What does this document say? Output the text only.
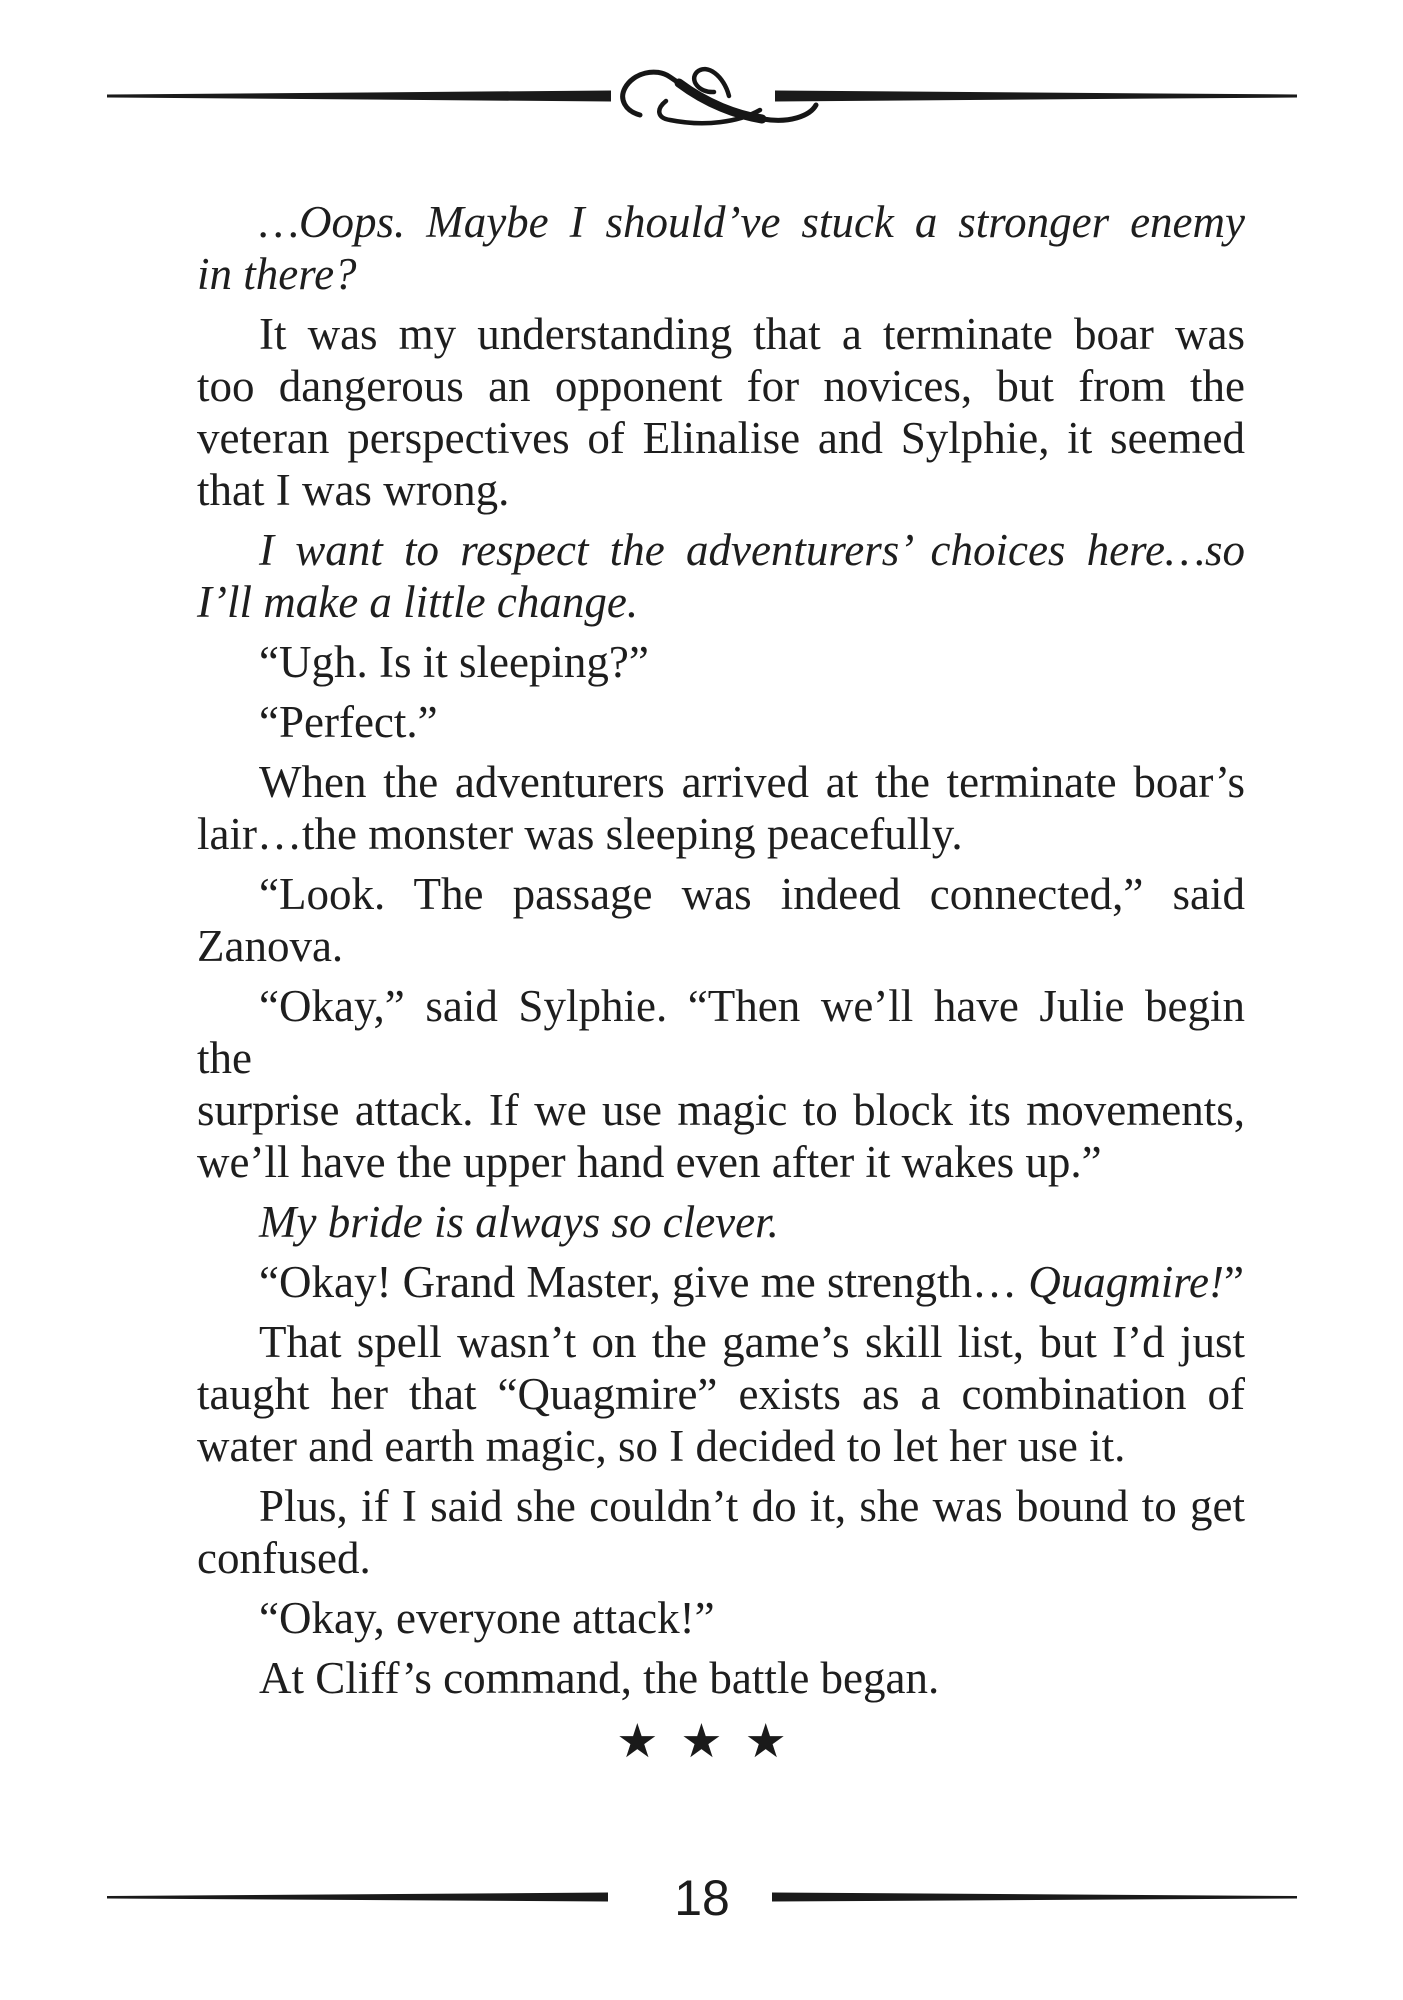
…Oops. Maybe I should’ve stuck a stronger enemy
in there?

It was my understanding that a terminate boar was
too dangerous an opponent for novices, but from the
veteran perspectives of Elinalise and Sylphie, it seemed
that I was wrong.

I want to respect the adventurers’ choices here…so
I’ll make a little change.

“Ugh. Is it sleeping?”

“Perfect.”

When the adventurers arrived at the terminate boar’s
lair…the monster was sleeping peacefully.

“Look. The passage was indeed connected,” said
Zanova.

“Okay,” said Sylphie. “Then we’ll have Julie begin the
surprise attack. If we use magic to block its movements,
we’ll have the upper hand even after it wakes up.”

My bride is always so clever.

“Okay! Grand Master, give me strength… Quagmire!”

That spell wasn’t on the game’s skill list, but I’d just
taught her that “Quagmire” exists as a combination of
water and earth magic, so I decided to let her use it.

Plus, if I said she couldn’t do it, she was bound to get
confused.

“Okay, everyone attack!”

At Cliff’s command, the battle began.

★ ★ ★
18
